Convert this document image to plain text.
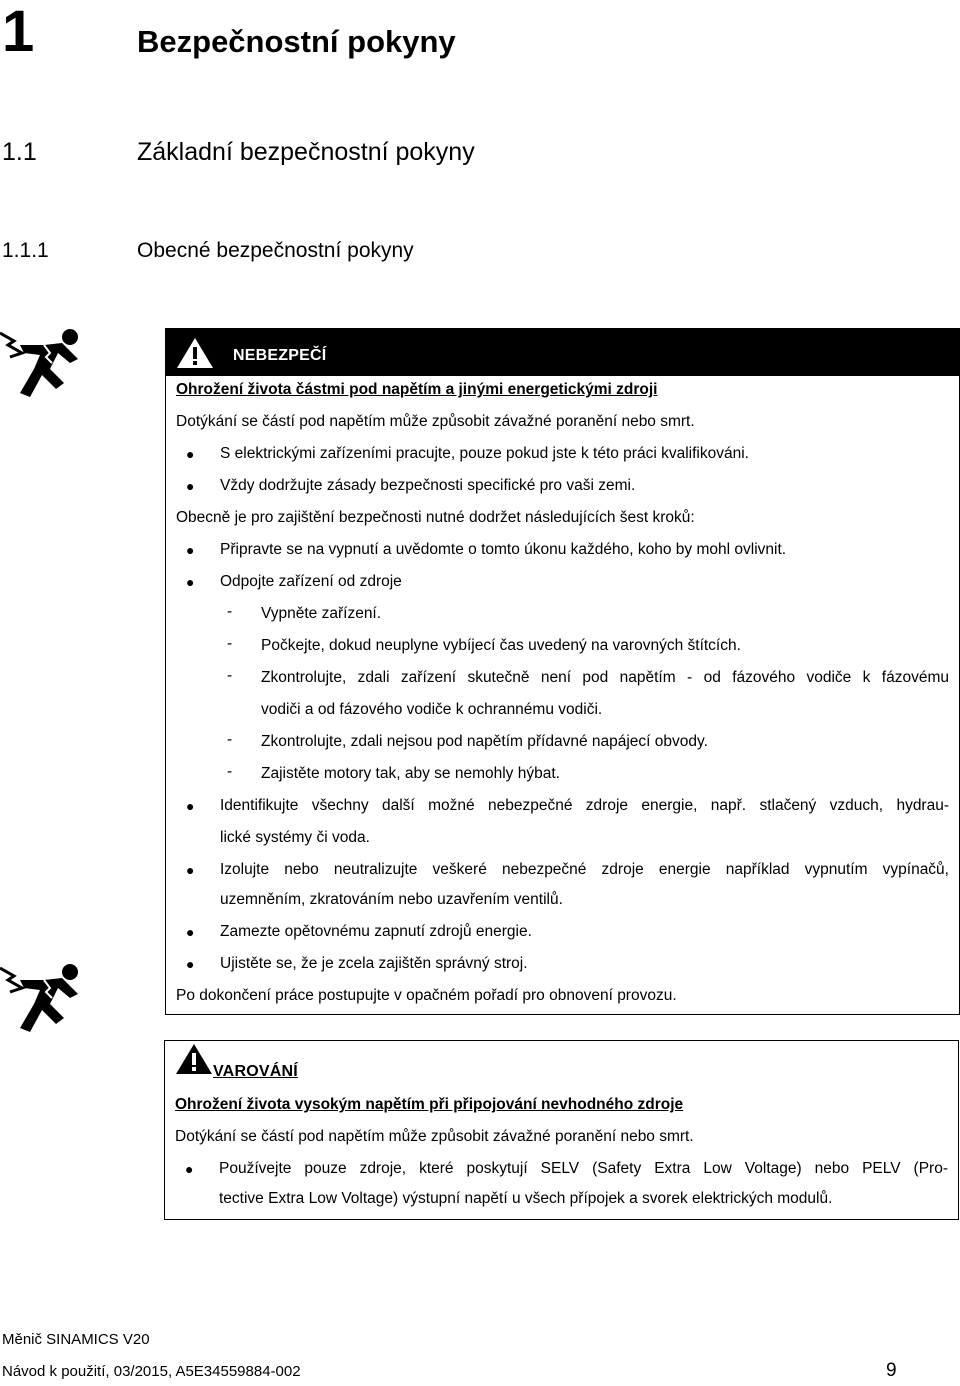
1	Bezpečnostní pokyny
1.1	Základní bezpečnostní pokyny
1.1.1	Obecné bezpečnostní pokyny
NEBEZPEČÍ
Ohrožení života částmi pod napětím a jinými energetickými zdroji
Dotýkání se částí pod napětím může způsobit závažné poranění nebo smrt.
● S elektrickými zařízeními pracujte, pouze pokud jste k této práci kvalifikováni.
● Vždy dodržujte zásady bezpečnosti specifické pro vaši zemi.
Obecně je pro zajištění bezpečnosti nutné dodržet následujících šest kroků:
● Připravte se na vypnutí a uvědomte o tomto úkonu každého, koho by mohl ovlivnit.
● Odpojte zařízení od zdroje
- Vypněte zařízení.
- Počkejte, dokud neuplyne vybíjecí čas uvedený na varovných štítcích.
- Zkontrolujte, zdali zařízení skutečně není pod napětím - od fázového vodiče k fázovému
vodiči a od fázového vodiče k ochrannému vodiči.
- Zkontrolujte, zdali nejsou pod napětím přídavné napájecí obvody.
- Zajistěte motory tak, aby se nemohly hýbat.
● Identifikujte všechny další možné nebezpečné zdroje energie, např. stlačený vzduch, hydrau-
lické systémy či voda.
● Izolujte nebo neutralizujte veškeré nebezpečné zdroje energie například vypnutím vypínačů,
uzemněním, zkratováním nebo uzavřením ventilů.
● Zamezte opětovnému zapnutí zdrojů energie.
● Ujistěte se, že je zcela zajištěn správný stroj.
Po dokončení práce postupujte v opačném pořadí pro obnovení provozu.
VAROVÁNÍ
Ohrožení života vysokým napětím při připojování nevhodného zdroje
Dotýkání se částí pod napětím může způsobit závažné poranění nebo smrt.
● Používejte pouze zdroje, které poskytují SELV (Safety Extra Low Voltage) nebo PELV (Pro-
tective Extra Low Voltage) výstupní napětí u všech přípojek a svorek elektrických modulů.
Měnič SINAMICS V20
Návod k použití, 03/2015, A5E34559884-002	9
